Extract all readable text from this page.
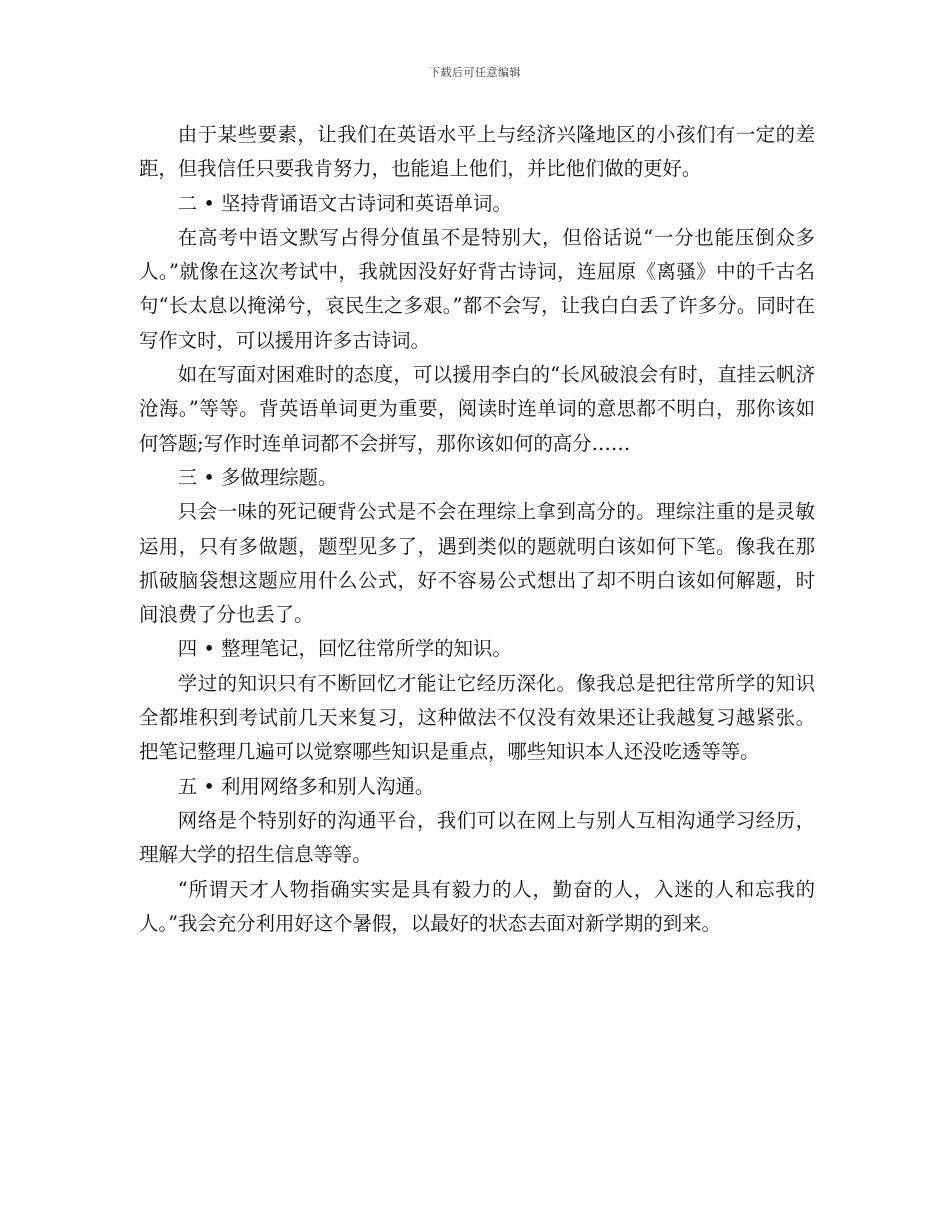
下载后可任意编辑

由于某些要素，让我们在英语水平上与经济兴隆地区的小孩们有一定的差距，但我信任只要我肯努力，也能追上他们，并比他们做的更好。

二 • 坚持背诵语文古诗词和英语单词。

在高考中语文默写占得分值虽不是特别大，但俗话说“一分也能压倒众多人。”就像在这次考试中，我就因没好好背古诗词，连屈原《离骚》中的千古名句“长太息以掩涕兮，哀民生之多艰。”都不会写，让我白白丢了许多分。同时在写作文时，可以援用许多古诗词。

如在写面对困难时的态度，可以援用李白的“长风破浪会有时，直挂云帆济沧海。”等等。背英语单词更为重要，阅读时连单词的意思都不明白，那你该如何答题;写作时连单词都不会拼写，那你该如何的高分……

三 • 多做理综题。

只会一味的死记硬背公式是不会在理综上拿到高分的。理综注重的是灵敏运用，只有多做题，题型见多了，遇到类似的题就明白该如何下笔。像我在那抓破脑袋想这题应用什么公式，好不容易公式想出了却不明白该如何解题，时间浪费了分也丢了。

四 • 整理笔记，回忆往常所学的知识。

学过的知识只有不断回忆才能让它经历深化。像我总是把往常所学的知识全都堆积到考试前几天来复习，这种做法不仅没有效果还让我越复习越紧张。把笔记整理几遍可以觉察哪些知识是重点，哪些知识本人还没吃透等等。

五 • 利用网络多和别人沟通。

网络是个特别好的沟通平台，我们可以在网上与别人互相沟通学习经历，理解大学的招生信息等等。

“所谓天才人物指确实实是具有毅力的人，勤奋的人，入迷的人和忘我的人。”我会充分利用好这个暑假，以最好的状态去面对新学期的到来。
